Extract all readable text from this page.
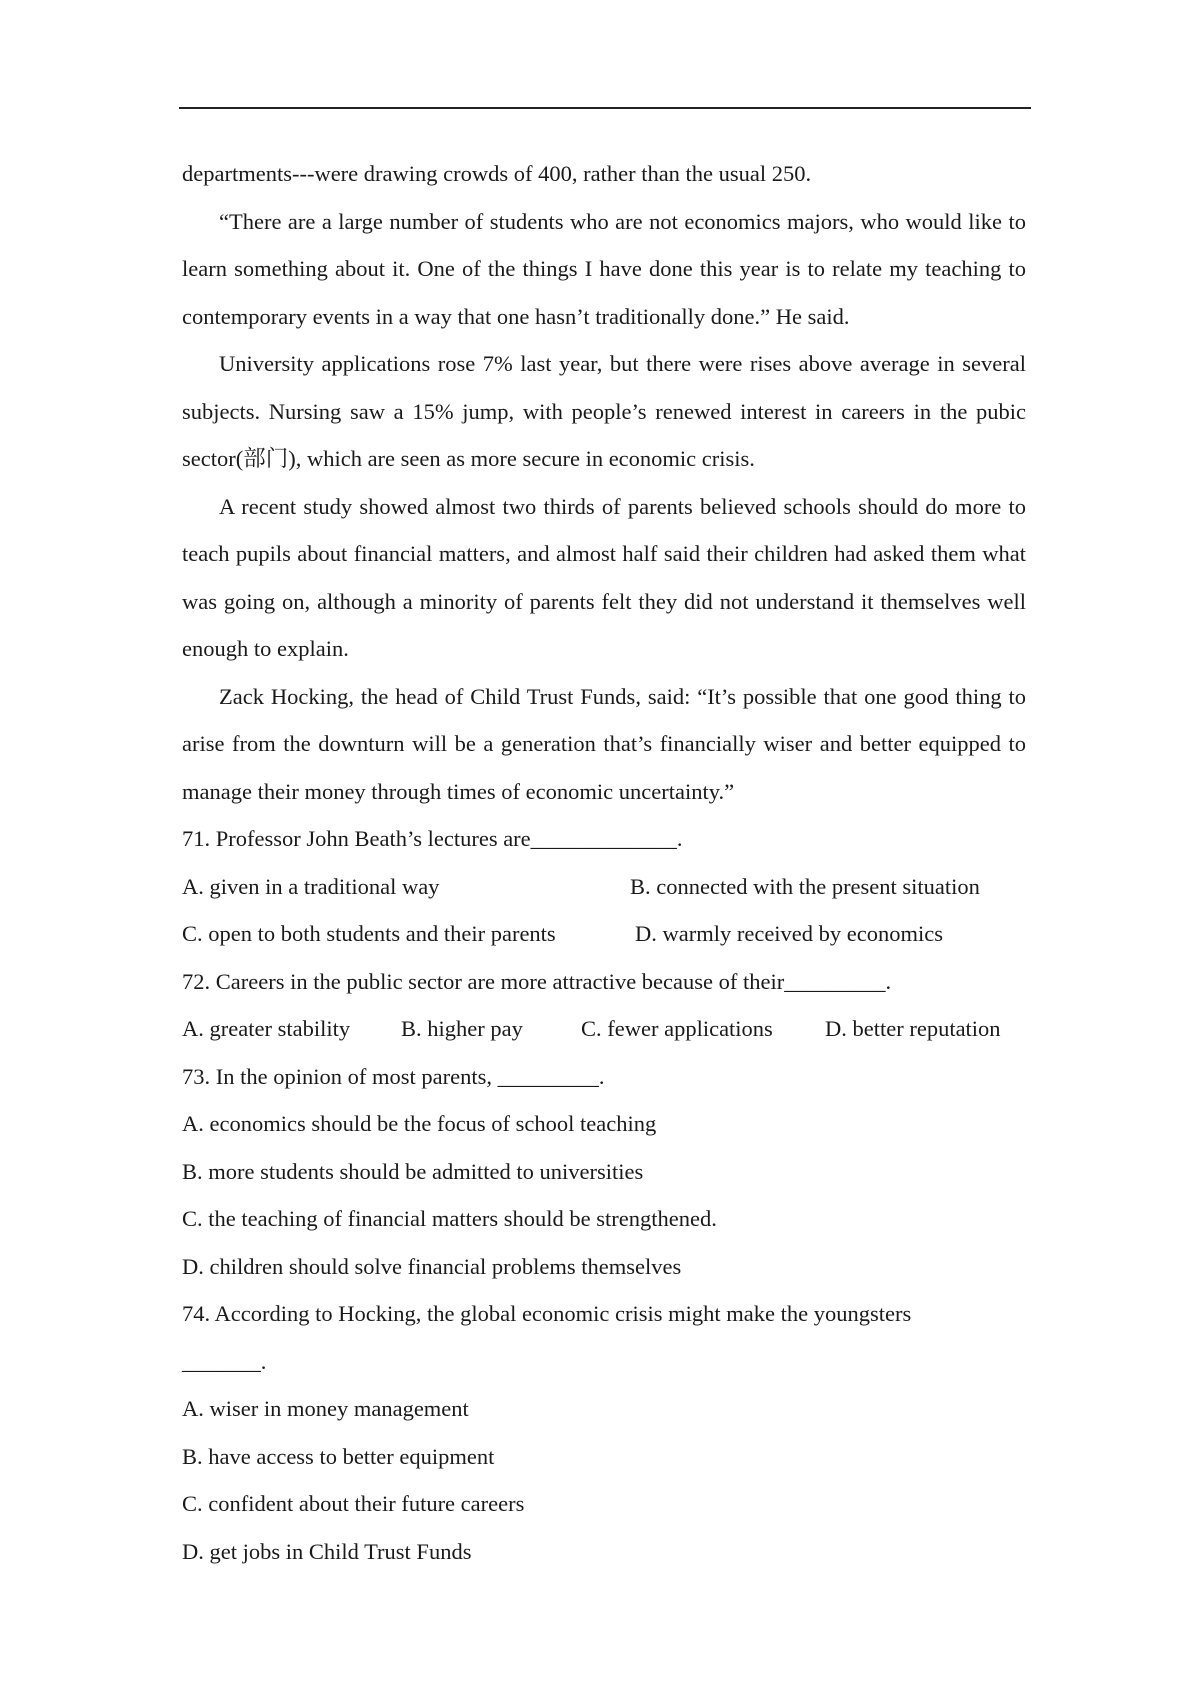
departments---were drawing crowds of 400, rather than the usual 250.

“There are a large number of students who are not economics majors, who would like to learn something about it. One of the things I have done this year is to relate my teaching to contemporary events in a way that one hasn’t traditionally done.” He said.

University applications rose 7% last year, but there were rises above average in several subjects. Nursing saw a 15% jump, with people’s renewed interest in careers in the pubic sector(部门), which are seen as more secure in economic crisis.

A recent study showed almost two thirds of parents believed schools should do more to teach pupils about financial matters, and almost half said their children had asked them what was going on, although a minority of parents felt they did not understand it themselves well enough to explain.

Zack Hocking, the head of Child Trust Funds, said: “It’s possible that one good thing to arise from the downturn will be a generation that’s financially wiser and better equipped to manage their money through times of economic uncertainty.”

71. Professor John Beath’s lectures are_____________.

A. given in a traditional way	B. connected with the present situation
C. open to both students and their parents	D. warmly received by economics

72. Careers in the public sector are more attractive because of their_________.

A. greater stability B. higher pay	C. fewer applications D. better reputation

73. In the opinion of most parents, _________.

A. economics should be the focus of school teaching

B. more students should be admitted to universities

C. the teaching of financial matters should be strengthened.

D. children should solve financial problems themselves

74. According to Hocking, the global economic crisis might make the youngsters

_______.

A. wiser in money management

B. have access to better equipment

C. confident about their future careers

D. get jobs in Child Trust Funds
